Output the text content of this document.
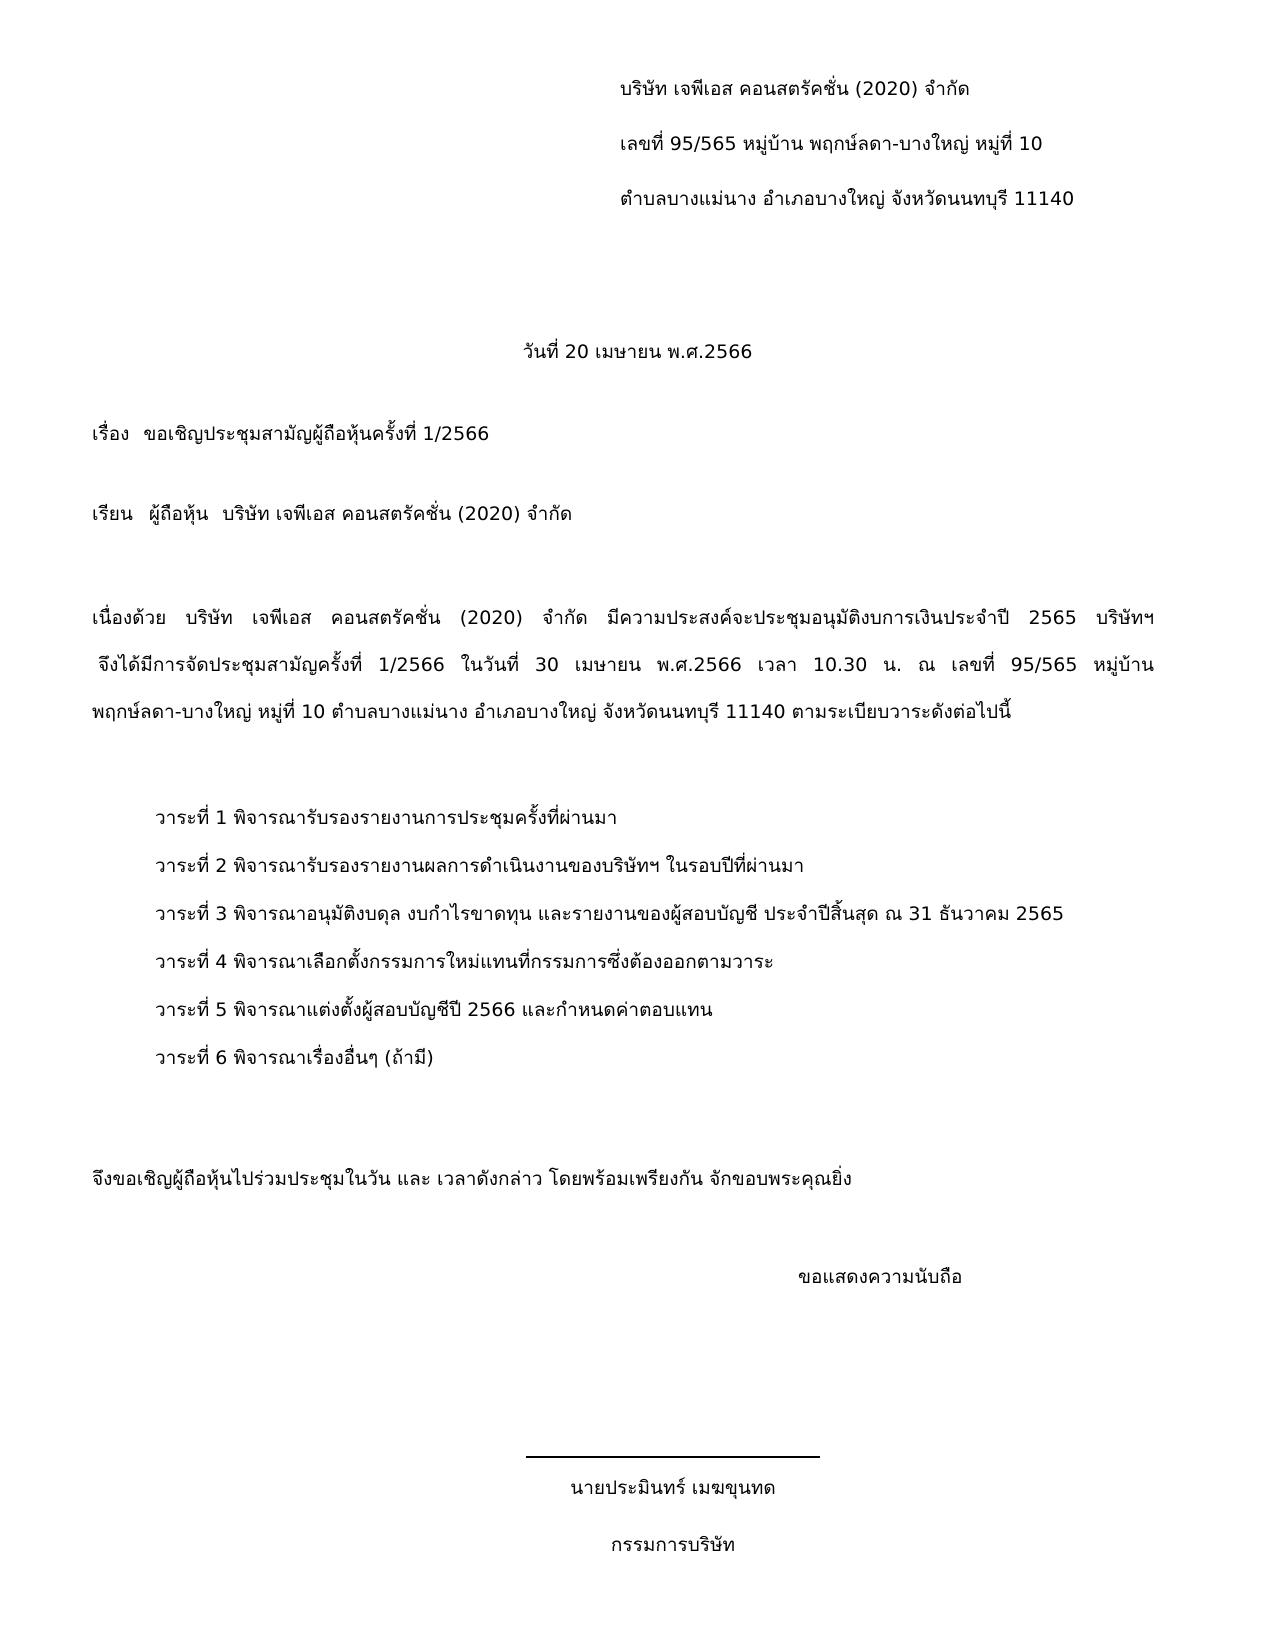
บริษัท เจพีเอส คอนสตรัคชั่น (2020) จำกัด
เลขที่ 95/565 หมู่บ้าน พฤกษ์ลดา-บางใหญ่ หมู่ที่ 10
ตำบลบางแม่นาง อำเภอบางใหญ่ จังหวัดนนทบุรี 11140
วันที่ 20 เมษายน พ.ศ.2566
เรื่อง ขอเชิญประชุมสามัญผู้ถือหุ้นครั้งที่ 1/2566
เรียน ผู้ถือหุ้น บริษัท เจพีเอส คอนสตรัคชั่น (2020) จำกัด
เนื่องด้วย บริษัท เจพีเอส คอนสตรัคชั่น (2020) จำกัด มีความประสงค์จะประชุมอนุมัติงบการเงินประจำปี 2565 บริษัทฯ
จึงได้มีการจัดประชุมสามัญครั้งที่ 1/2566 ในวันที่ 30 เมษายน พ.ศ.2566 เวลา 10.30 น. ณ เลขที่ 95/565 หมู่บ้าน
พฤกษ์ลดา-บางใหญ่ หมู่ที่ 10 ตำบลบางแม่นาง อำเภอบางใหญ่ จังหวัดนนทบุรี 11140 ตามระเบียบวาระดังต่อไปนี้
วาระที่ 1 พิจารณารับรองรายงานการประชุมครั้งที่ผ่านมา
วาระที่ 2 พิจารณารับรองรายงานผลการดำเนินงานของบริษัทฯ ในรอบปีที่ผ่านมา
วาระที่ 3 พิจารณาอนุมัติงบดุล งบกำไรขาดทุน และรายงานของผู้สอบบัญชี ประจำปีสิ้นสุด ณ 31 ธันวาคม 2565
วาระที่ 4 พิจารณาเลือกตั้งกรรมการใหม่แทนที่กรรมการซึ่งต้องออกตามวาระ
วาระที่ 5 พิจารณาแต่งตั้งผู้สอบบัญชีปี 2566 และกำหนดค่าตอบแทน
วาระที่ 6 พิจารณาเรื่องอื่นๆ (ถ้ามี)
จึงขอเชิญผู้ถือหุ้นไปร่วมประชุมในวัน และ เวลาดังกล่าว โดยพร้อมเพรียงกัน จักขอบพระคุณยิ่ง
ขอแสดงความนับถือ
นายประมินทร์ เมฆขุนทด
กรรมการบริษัท
